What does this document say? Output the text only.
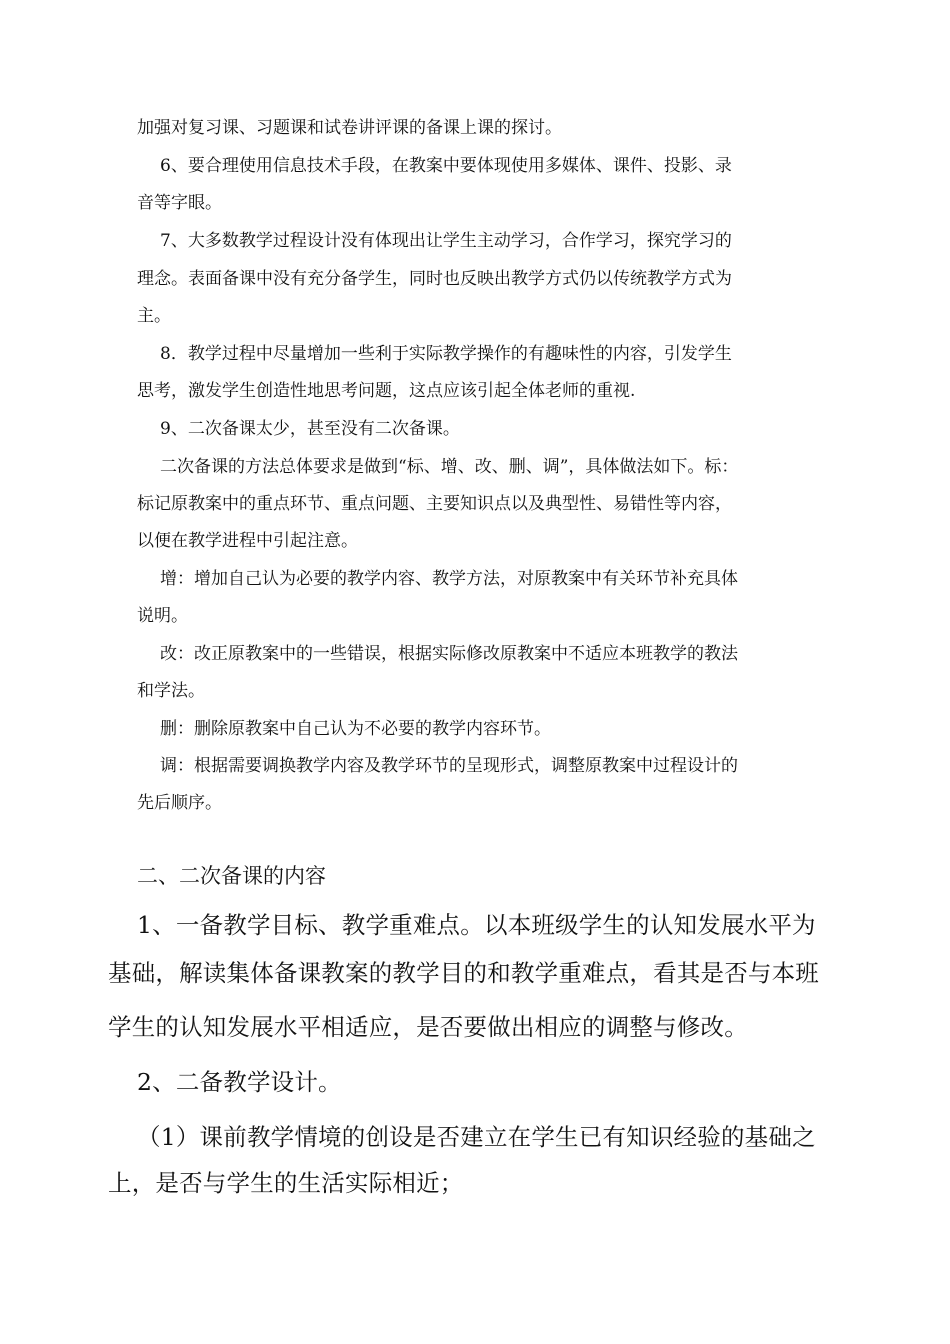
加强对复习课、习题课和试卷讲评课的备课上课的探讨。
6、要合理使用信息技术手段，在教案中要体现使用多媒体、课件、投影、录
音等字眼。
7、大多数教学过程设计没有体现出让学生主动学习，合作学习，探究学习的
理念。表面备课中没有充分备学生，同时也反映出教学方式仍以传统教学方式为
主。
8．教学过程中尽量增加一些利于实际教学操作的有趣味性的内容，引发学生
思考，激发学生创造性地思考问题，这点应该引起全体老师的重视.
9、二次备课太少，甚至没有二次备课。
二次备课的方法总体要求是做到“标、增、改、删、调”，具体做法如下。标：
标记原教案中的重点环节、重点问题、主要知识点以及典型性、易错性等内容，
以便在教学进程中引起注意。
增：增加自己认为必要的教学内容、教学方法，对原教案中有关环节补充具体
说明。
改：改正原教案中的一些错误，根据实际修改原教案中不适应本班教学的教法
和学法。
删：删除原教案中自己认为不必要的教学内容环节。
调：根据需要调换教学内容及教学环节的呈现形式，调整原教案中过程设计的
先后顺序。
二、二次备课的内容
1、一备教学目标、教学重难点。以本班级学生的认知发展水平为
基础，解读集体备课教案的教学目的和教学重难点，看其是否与本班
学生的认知发展水平相适应，是否要做出相应的调整与修改。
2、二备教学设计。
（1）课前教学情境的创设是否建立在学生已有知识经验的基础之
上，是否与学生的生活实际相近；
